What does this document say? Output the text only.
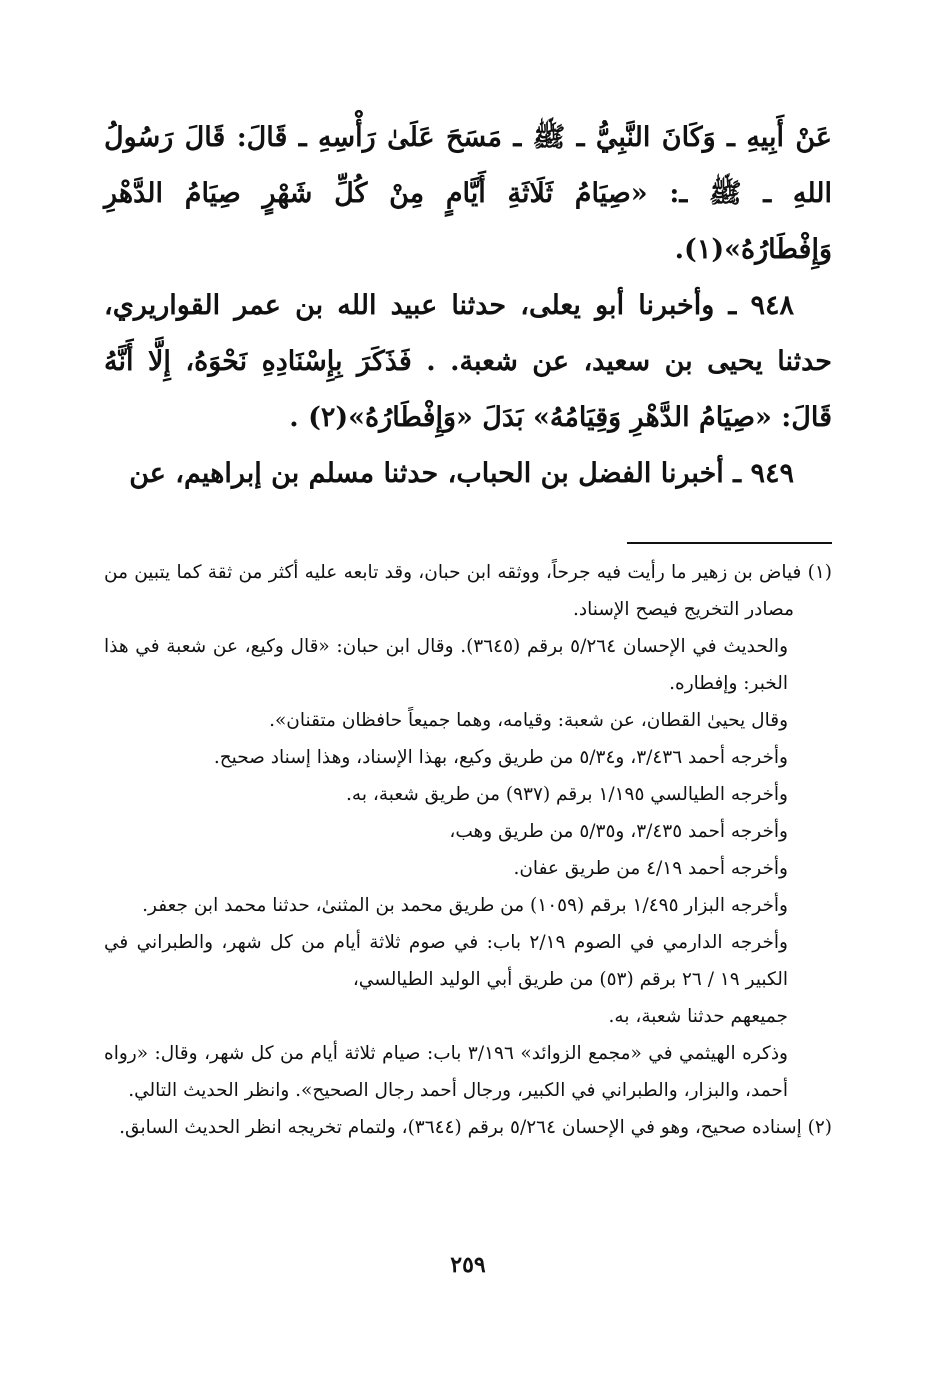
عَنْ أَبِيهِ ـ وَكَانَ النَّبِيُّ ـ ﷺ ـ مَسَحَ عَلَىٰ رَأْسِهِ ـ قَالَ: قَالَ رَسُولُ اللهِ ـ ﷺ ـ: «صِيَامُ ثَلَاثَةِ أَيَّامٍ مِنْ كُلِّ شَهْرٍ صِيَامُ الدَّهْرِ وَإِفْطَارُهُ»(١).

٩٤٨ ـ وأخبرنا أبو يعلى، حدثنا عبيد الله بن عمر القواريري، حدثنا يحيى بن سعيد، عن شعبة. . فَذَكَرَ بِإِسْنَادِهِ نَحْوَهُ، إِلَّا أَنَّهُ قَالَ: «صِيَامُ الدَّهْرِ وَقِيَامُهُ» بَدَلَ «وَإِفْطَارُهُ»(٢) .

٩٤٩ ـ أخبرنا الفضل بن الحباب، حدثنا مسلم بن إبراهيم، عن

(١) فياض بن زهير ما رأيت فيه جرحاً، ووثقه ابن حبان، وقد تابعه عليه أكثر من ثقة كما يتبين من مصادر التخريج فيصح الإسناد.

والحديث في الإحسان ٥/٢٦٤ برقم (٣٦٤٥). وقال ابن حبان: «قال وكيع، عن شعبة في هذا الخبر: وإفطاره.

وقال يحيىٰ القطان، عن شعبة: وقيامه، وهما جميعاً حافظان متقنان».

وأخرجه أحمد ٣/٤٣٦، و٥/٣٤ من طريق وكيع، بهذا الإسناد، وهذا إسناد صحيح.

وأخرجه الطيالسي ١/١٩٥ برقم (٩٣٧) من طريق شعبة، به.

وأخرجه أحمد ٣/٤٣٥، و٥/٣٥ من طريق وهب،

وأخرجه أحمد ٤/١٩ من طريق عفان.

وأخرجه البزار ١/٤٩٥ برقم (١٠٥٩) من طريق محمد بن المثنىٰ، حدثنا محمد ابن جعفر.

وأخرجه الدارمي في الصوم ٢/١٩ باب: في صوم ثلاثة أيام من كل شهر، والطبراني في الكبير ١٩ / ٢٦ برقم (٥٣) من طريق أبي الوليد الطيالسي،

جميعهم حدثنا شعبة، به.

وذكره الهيثمي في «مجمع الزوائد» ٣/١٩٦ باب: صيام ثلاثة أيام من كل شهر، وقال: «رواه أحمد، والبزار، والطبراني في الكبير، ورجال أحمد رجال الصحيح». وانظر الحديث التالي.

(٢) إسناده صحيح، وهو في الإحسان ٥/٢٦٤ برقم (٣٦٤٤)، ولتمام تخريجه انظر الحديث السابق.

٢٥٩
